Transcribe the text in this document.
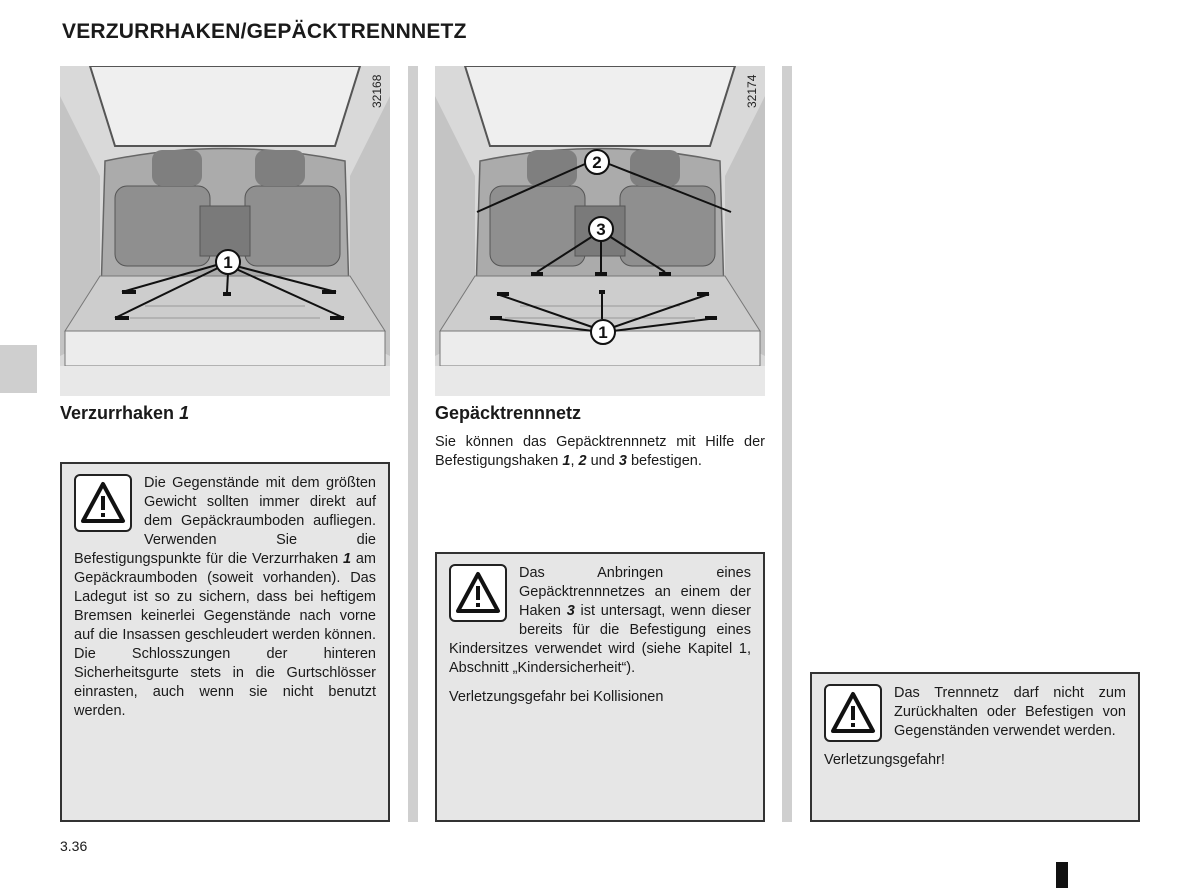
VERZURRHAKEN/GEPÄCKTRENNNETZ
1
32168
2
3
1
32174
Verzurrhaken 1
Die Gegenstände mit dem größten Gewicht sollten immer direkt auf dem Gepäckraumboden aufliegen. Verwenden Sie die Befestigungspunkte für die Verzurrhaken 1 am Gepäckraumboden (soweit vorhanden). Das Ladegut ist so zu sichern, dass bei heftigem Bremsen keinerlei Gegenstände nach vorne auf die Insassen geschleudert werden können. Die Schlosszungen der hinteren Sicherheitsgurte stets in die Gurtschlösser einrasten, auch wenn sie nicht benutzt werden.
Gepäcktrennnetz
Sie können das Gepäcktrennnetz mit Hilfe der Befestigungshaken 1, 2 und 3 befestigen.

Das Anbringen eines Gepäcktrennnetzes an einem der Haken 3 ist untersagt, wenn dieser bereits für die Befestigung eines Kindersitzes verwendet wird (siehe Kapitel 1, Abschnitt „Kindersicherheit“).

Verletzungsgefahr bei Kollisionen	Das Trennnetz darf nicht zum Zurückhalten oder Befestigen von Gegenständen verwendet werden.

Verletzungsgefahr!

3.36
